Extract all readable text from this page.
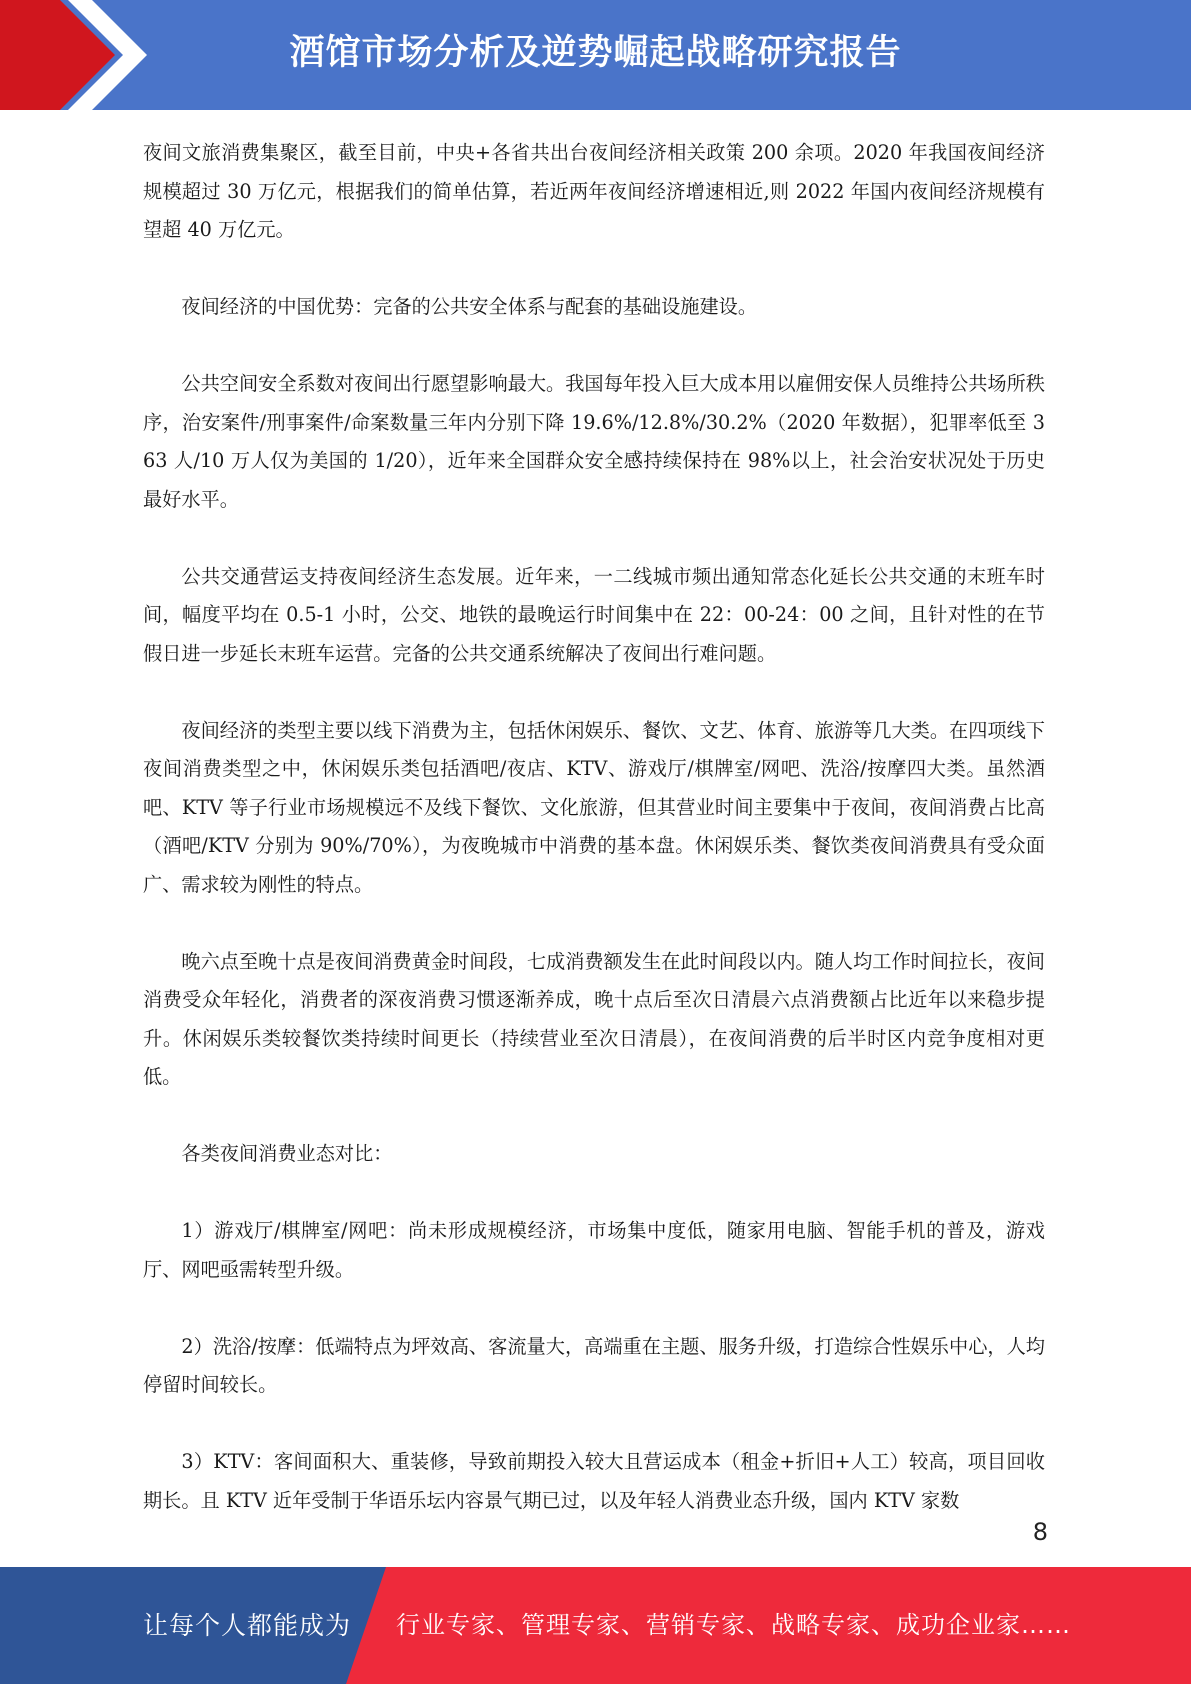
酒馆市场分析及逆势崛起战略研究报告

夜间文旅消费集聚区，截至目前，中央+各省共出台夜间经济相关政策 200 余项。2020 年我国夜间经济规模超过 30 万亿元，根据我们的简单估算，若近两年夜间经济增速相近,则 2022 年国内夜间经济规模有望超 40 万亿元。

夜间经济的中国优势：完备的公共安全体系与配套的基础设施建设。

公共空间安全系数对夜间出行愿望影响最大。我国每年投入巨大成本用以雇佣安保人员维持公共场所秩序，治安案件/刑事案件/命案数量三年内分别下降 19.6%/12.8%/30.2%（2020 年数据），犯罪率低至 363 人/10 万人仅为美国的 1/20），近年来全国群众安全感持续保持在 98%以上，社会治安状况处于历史最好水平。

公共交通营运支持夜间经济生态发展。近年来，一二线城市频出通知常态化延长公共交通的末班车时间，幅度平均在 0.5-1 小时，公交、地铁的最晚运行时间集中在 22：00-24：00 之间，且针对性的在节假日进一步延长末班车运营。完备的公共交通系统解决了夜间出行难问题。

夜间经济的类型主要以线下消费为主，包括休闲娱乐、餐饮、文艺、体育、旅游等几大类。在四项线下夜间消费类型之中，休闲娱乐类包括酒吧/夜店、KTV、游戏厅/棋牌室/网吧、洗浴/按摩四大类。虽然酒吧、KTV 等子行业市场规模远不及线下餐饮、文化旅游，但其营业时间主要集中于夜间，夜间消费占比高（酒吧/KTV 分别为 90%/70%），为夜晚城市中消费的基本盘。休闲娱乐类、餐饮类夜间消费具有受众面广、需求较为刚性的特点。

晚六点至晚十点是夜间消费黄金时间段，七成消费额发生在此时间段以内。随人均工作时间拉长，夜间消费受众年轻化，消费者的深夜消费习惯逐渐养成，晚十点后至次日清晨六点消费额占比近年以来稳步提升。休闲娱乐类较餐饮类持续时间更长（持续营业至次日清晨），在夜间消费的后半时区内竞争度相对更低。

各类夜间消费业态对比：

1）游戏厅/棋牌室/网吧：尚未形成规模经济，市场集中度低，随家用电脑、智能手机的普及，游戏厅、网吧亟需转型升级。

2）洗浴/按摩：低端特点为坪效高、客流量大，高端重在主题、服务升级，打造综合性娱乐中心，人均停留时间较长。

3）KTV：客间面积大、重装修，导致前期投入较大且营运成本（租金+折旧+人工）较高，项目回收期长。且 KTV 近年受制于华语乐坛内容景气期已过，以及年轻人消费业态升级，国内 KTV 家数

8
让每个人都能成为 行业专家、管理专家、营销专家、战略专家、成功企业家……
